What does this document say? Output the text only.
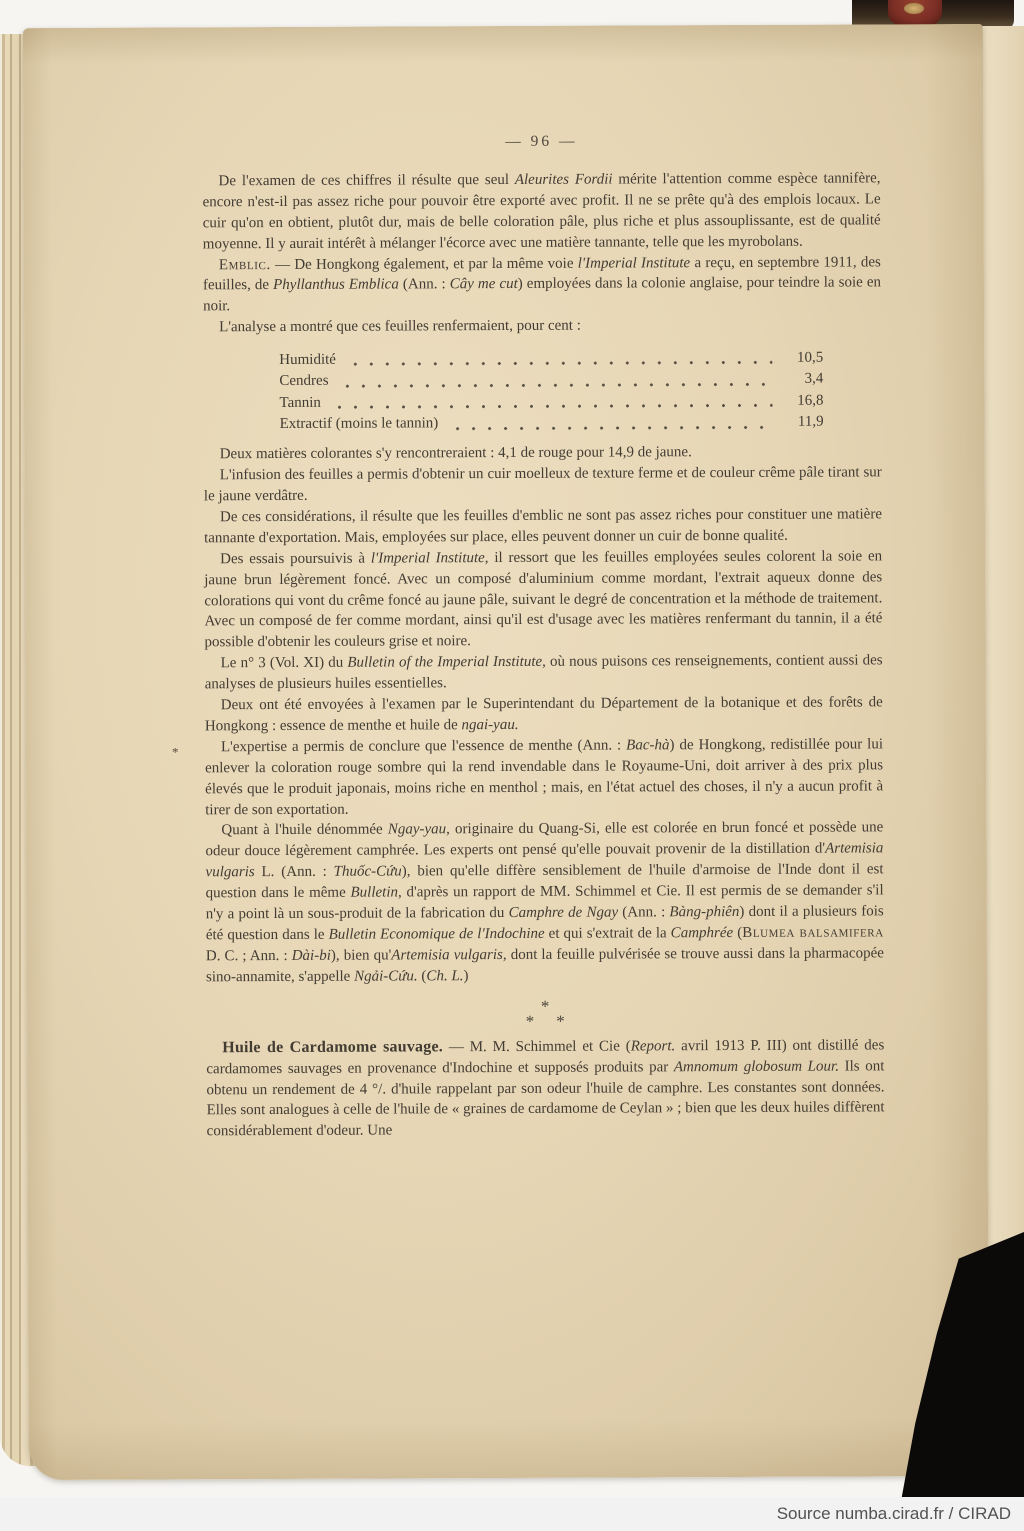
*
— 96 —
De l'examen de ces chiffres il résulte que seul Aleurites Fordii mérite l'attention comme espèce tannifère, encore n'est-il pas assez riche pour pouvoir être exporté avec profit. Il ne se prête qu'à des emplois locaux. Le cuir qu'on en obtient, plutôt dur, mais de belle coloration pâle, plus riche et plus assouplissante, est de qualité moyenne. Il y aurait intérêt à mélanger l'écorce avec une matière tannante, telle que les myrobolans.
Emblic. — De Hongkong également, et par la même voie l'Imperial Institute a reçu, en septembre 1911, des feuilles, de Phyllanthus Emblica (Ann. : Cây me cut) employées dans la colonie anglaise, pour teindre la soie en noir.
L'analyse a montré que ces feuilles renfermaient, pour cent :
Humidité	10,5
Cendres	3,4
Tannin	16,8
Extractif (moins le tannin)	11,9
Deux matières colorantes s'y rencontreraient : 4,1 de rouge pour 14,9 de jaune.
L'infusion des feuilles a permis d'obtenir un cuir moelleux de texture ferme et de couleur crême pâle tirant sur le jaune verdâtre.
De ces considérations, il résulte que les feuilles d'emblic ne sont pas assez riches pour constituer une matière tannante d'exportation. Mais, employées sur place, elles peuvent donner un cuir de bonne qualité.
Des essais poursuivis à l'Imperial Institute, il ressort que les feuilles employées seules colorent la soie en jaune brun légèrement foncé. Avec un composé d'aluminium comme mordant, l'extrait aqueux donne des colorations qui vont du crême foncé au jaune pâle, suivant le degré de concentration et la méthode de traitement. Avec un composé de fer comme mordant, ainsi qu'il est d'usage avec les matières renfermant du tannin, il a été possible d'obtenir les couleurs grise et noire.
Le n° 3 (Vol. XI) du Bulletin of the Imperial Institute, où nous puisons ces renseignements, contient aussi des analyses de plusieurs huiles essentielles.
Deux ont été envoyées à l'examen par le Superintendant du Département de la botanique et des forêts de Hongkong : essence de menthe et huile de ngai-yau.
L'expertise a permis de conclure que l'essence de menthe (Ann. : Bac-hà) de Hongkong, redistillée pour lui enlever la coloration rouge sombre qui la rend invendable dans le Royaume-Uni, doit arriver à des prix plus élevés que le produit japonais, moins riche en menthol ; mais, en l'état actuel des choses, il n'y a aucun profit à tirer de son exportation.
Quant à l'huile dénommée Ngay-yau, originaire du Quang-Si, elle est colorée en brun foncé et possède une odeur douce légèrement camphrée. Les experts ont pensé qu'elle pouvait provenir de la distillation d'Artemisia vulgaris L. (Ann. : Thuốc-Cứu), bien qu'elle diffère sensiblement de l'huile d'armoise de l'Inde dont il est question dans le même Bulletin, d'après un rapport de MM. Schimmel et Cie. Il est permis de se demander s'il n'y a point là un sous-produit de la fabrication du Camphre de Ngay (Ann. : Bàng-phiên) dont il a plusieurs fois été question dans le Bulletin Economique de l'Indochine et qui s'extrait de la Camphrée (Blumea balsamifera D. C. ; Ann. : Dài-bi), bien qu'Artemisia vulgaris, dont la feuille pulvérisée se trouve aussi dans la pharmacopée sino-annamite, s'appelle Ngải-Cứu. (Ch. L.)
*
* *
Huile de Cardamome sauvage. — M. M. Schimmel et Cie (Report. avril 1913 P. III) ont distillé des cardamomes sauvages en provenance d'Indochine et supposés produits par Amnomum globosum Lour. Ils ont obtenu un rendement de 4 °/. d'huile rappelant par son odeur l'huile de camphre. Les constantes sont données. Elles sont analogues à celle de l'huile de « graines de cardamome de Ceylan » ; bien que les deux huiles diffèrent considérablement d'odeur. Une
Source numba.cirad.fr / CIRAD
